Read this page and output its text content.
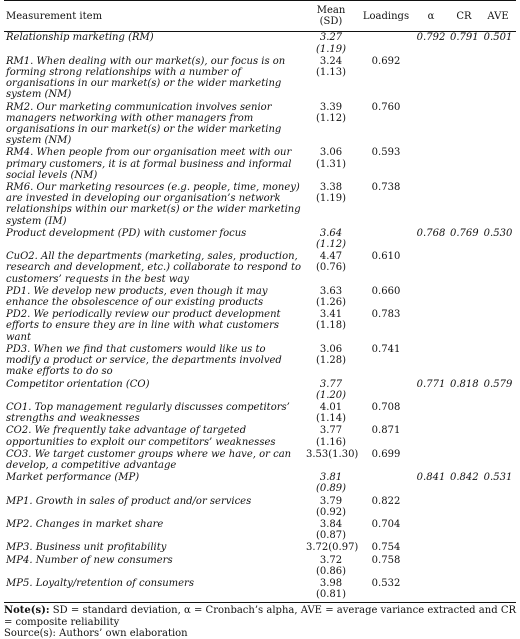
Measurement item	Mean (SD)	Loadings	α	CR	AVE
Relationship marketing (RM)	3.27 (1.19)		0.792	0.791	0.501
RM1. When dealing with our market(s), our focus is on forming strong relationships with a number of organisations in our market(s) or the wider marketing system (NM)	3.24 (1.13)	0.692			
RM2. Our marketing communication involves senior managers networking with other managers from organisations in our market(s) or the wider marketing system (NM)	3.39 (1.12)	0.760			
RM4. When people from our organisation meet with our primary customers, it is at formal business and informal social levels (NM)	3.06 (1.31)	0.593			
RM6. Our marketing resources (e.g. people, time, money) are invested in developing our organisation’s network relationships within our market(s) or the wider marketing system (IM)	3.38 (1.19)	0.738			
Product development (PD) with customer focus	3.64 (1.12)		0.768	0.769	0.530
CuO2. All the departments (marketing, sales, production, research and development, etc.) collaborate to respond to customers’ requests in the best way	4.47 (0.76)	0.610			
PD1. We develop new products, even though it may enhance the obsolescence of our existing products	3.63 (1.26)	0.660			
PD2. We periodically review our product development efforts to ensure they are in line with what customers want	3.41 (1.18)	0.783			
PD3. When we find that customers would like us to modify a product or service, the departments involved make efforts to do so	3.06 (1.28)	0.741			
Competitor orientation (CO)	3.77 (1.20)		0.771	0.818	0.579
CO1. Top management regularly discusses competitors’ strengths and weaknesses	4.01 (1.14)	0.708			
CO2. We frequently take advantage of targeted opportunities to exploit our competitors’ weaknesses	3.77 (1.16)	0.871			
CO3. We target customer groups where we have, or can develop, a competitive advantage	3.53(1.30)	0.699			
Market performance (MP)	3.81 (0.89)		0.841	0.842	0.531
MP1. Growth in sales of product and/or services	3.79 (0.92)	0.822			
MP2. Changes in market share	3.84 (0.87)	0.704			
MP3. Business unit profitability	3.72(0.97)	0.754			
MP4. Number of new consumers	3.72 (0.86)	0.758			
MP5. Loyalty/retention of consumers	3.98 (0.81)	0.532			
Note(s): SD = standard deviation, α = Cronbach’s alpha, AVE = average variance extracted and CR = composite reliability
Source(s): Authors’ own elaboration
